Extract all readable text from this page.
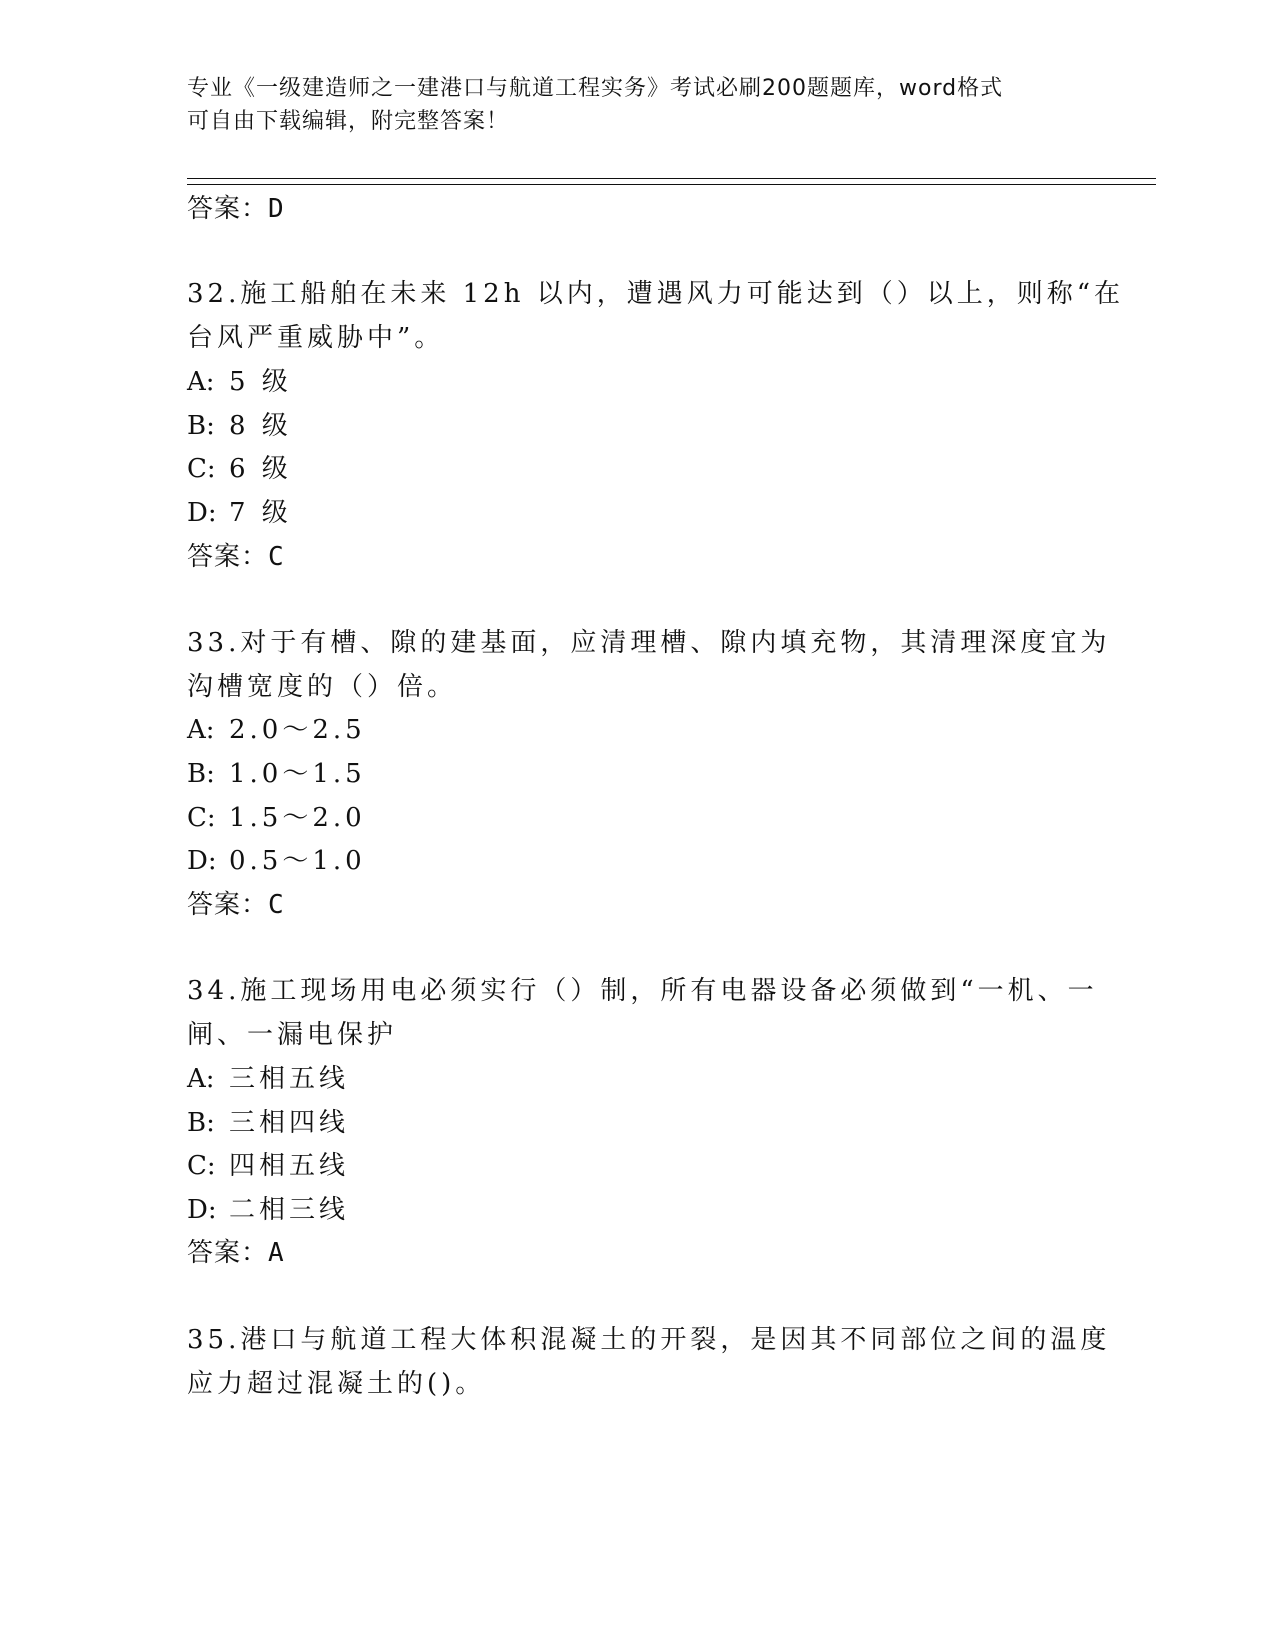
专业《一级建造师之一建港口与航道工程实务》考试必刷200题题库，word格式
可自由下载编辑，附完整答案！
答案：D
32.施工船舶在未来 12h 以内，遭遇风力可能达到（）以上，则称“在
台风严重威胁中”。
A: 5 级
B: 8 级
C: 6 级
D: 7 级
答案：C
33.对于有槽、隙的建基面，应清理槽、隙内填充物，其清理深度宜为
沟槽宽度的（）倍。
A: 2.0～2.5
B: 1.0～1.5
C: 1.5～2.0
D: 0.5～1.0
答案：C
34.施工现场用电必须实行（）制，所有电器设备必须做到“一机、一
闸、一漏电保护
A: 三相五线
B: 三相四线
C: 四相五线
D: 二相三线
答案：A
35.港口与航道工程大体积混凝土的开裂，是因其不同部位之间的温度
应力超过混凝土的()。
